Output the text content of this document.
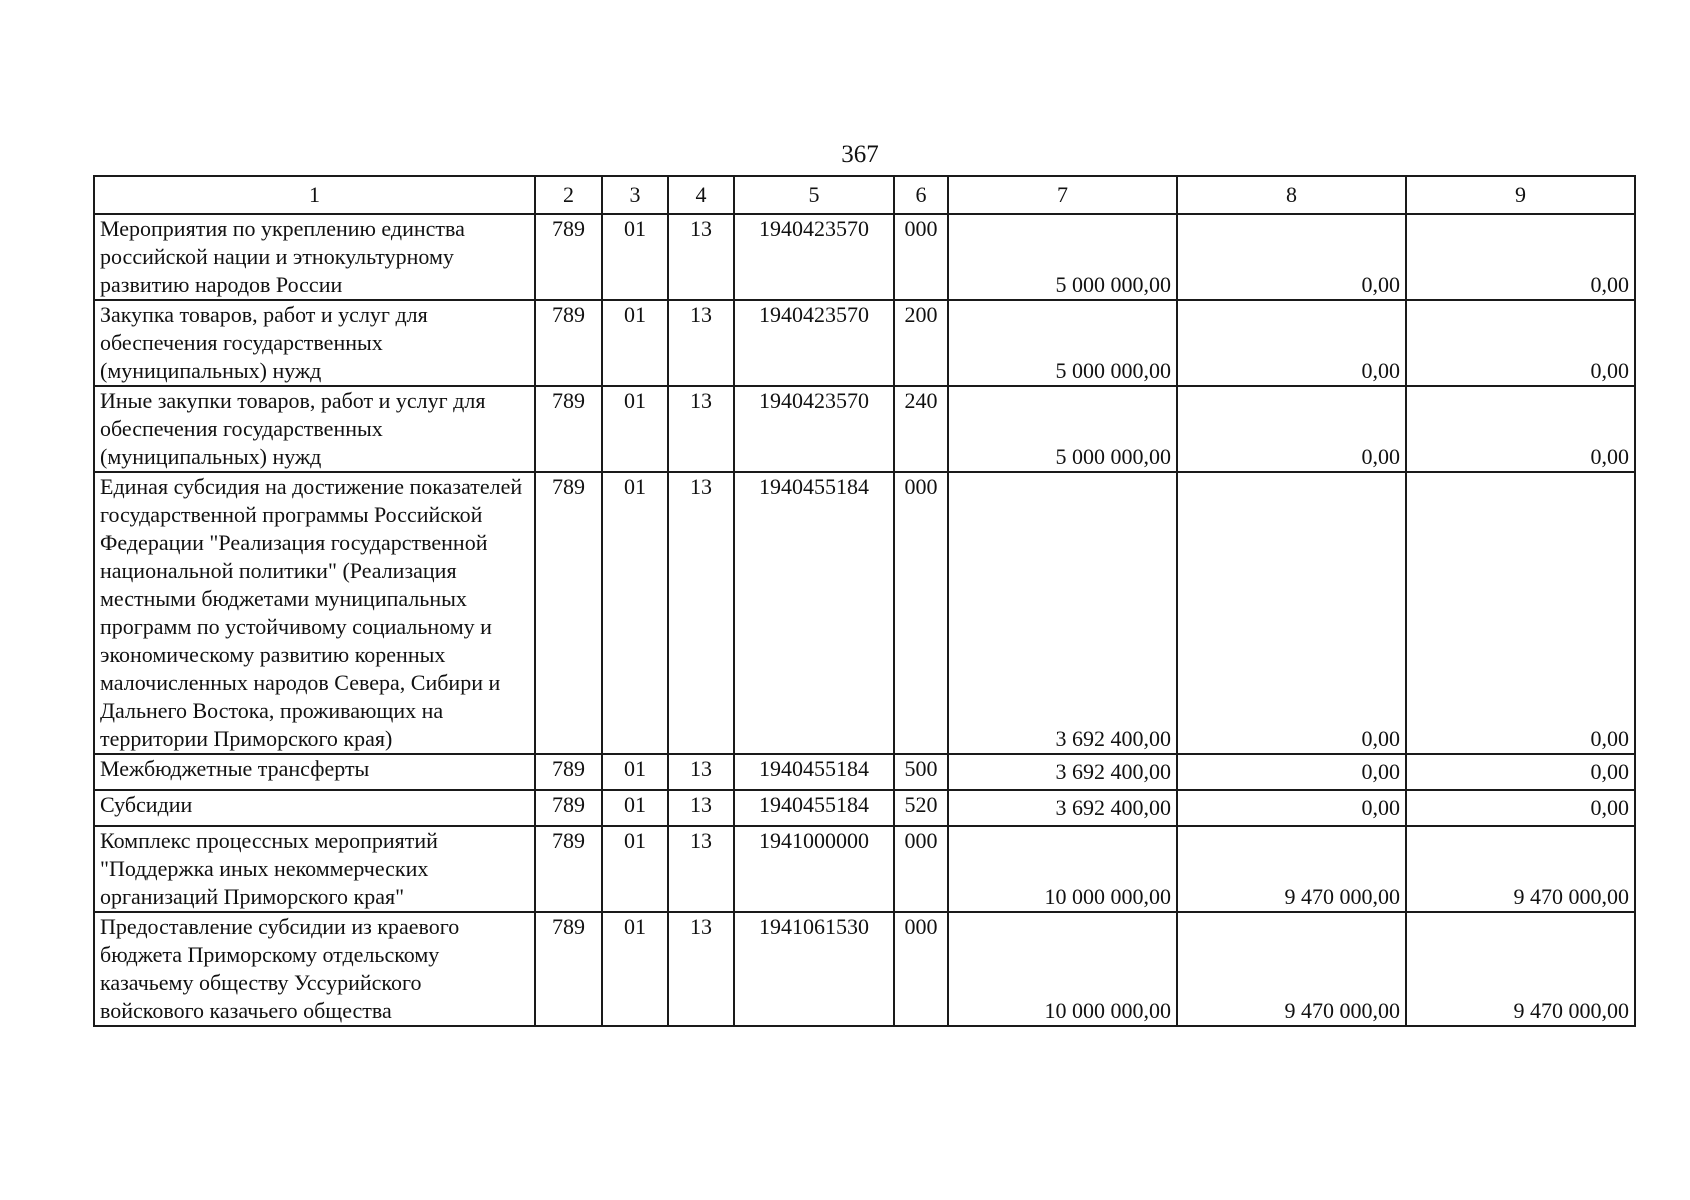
367
1	2	3	4	5	6	7	8	9
Мероприятия по укреплению единства российской нации и этнокультурному развитию народов России	789	01	13	1940423570	000	5 000 000,00	0,00	0,00
Закупка товаров, работ и услуг для обеспечения государственных (муниципальных) нужд	789	01	13	1940423570	200	5 000 000,00	0,00	0,00
Иные закупки товаров, работ и услуг для обеспечения государственных (муниципальных) нужд	789	01	13	1940423570	240	5 000 000,00	0,00	0,00
Единая субсидия на достижение показателей государственной программы Российской Федерации "Реализация государственной национальной политики" (Реализация местными бюджетами муниципальных программ по устойчивому социальному и экономическому развитию коренных малочисленных народов Севера, Сибири и Дальнего Востока, проживающих на территории Приморского края)	789	01	13	1940455184	000	3 692 400,00	0,00	0,00
Межбюджетные трансферты	789	01	13	1940455184	500	3 692 400,00	0,00	0,00
Субсидии	789	01	13	1940455184	520	3 692 400,00	0,00	0,00
Комплекс процессных мероприятий "Поддержка иных некоммерческих организаций Приморского края"	789	01	13	1941000000	000	10 000 000,00	9 470 000,00	9 470 000,00
Предоставление субсидии из краевого бюджета Приморскому отдельскому казачьему обществу Уссурийского войскового казачьего общества	789	01	13	1941061530	000	10 000 000,00	9 470 000,00	9 470 000,00
